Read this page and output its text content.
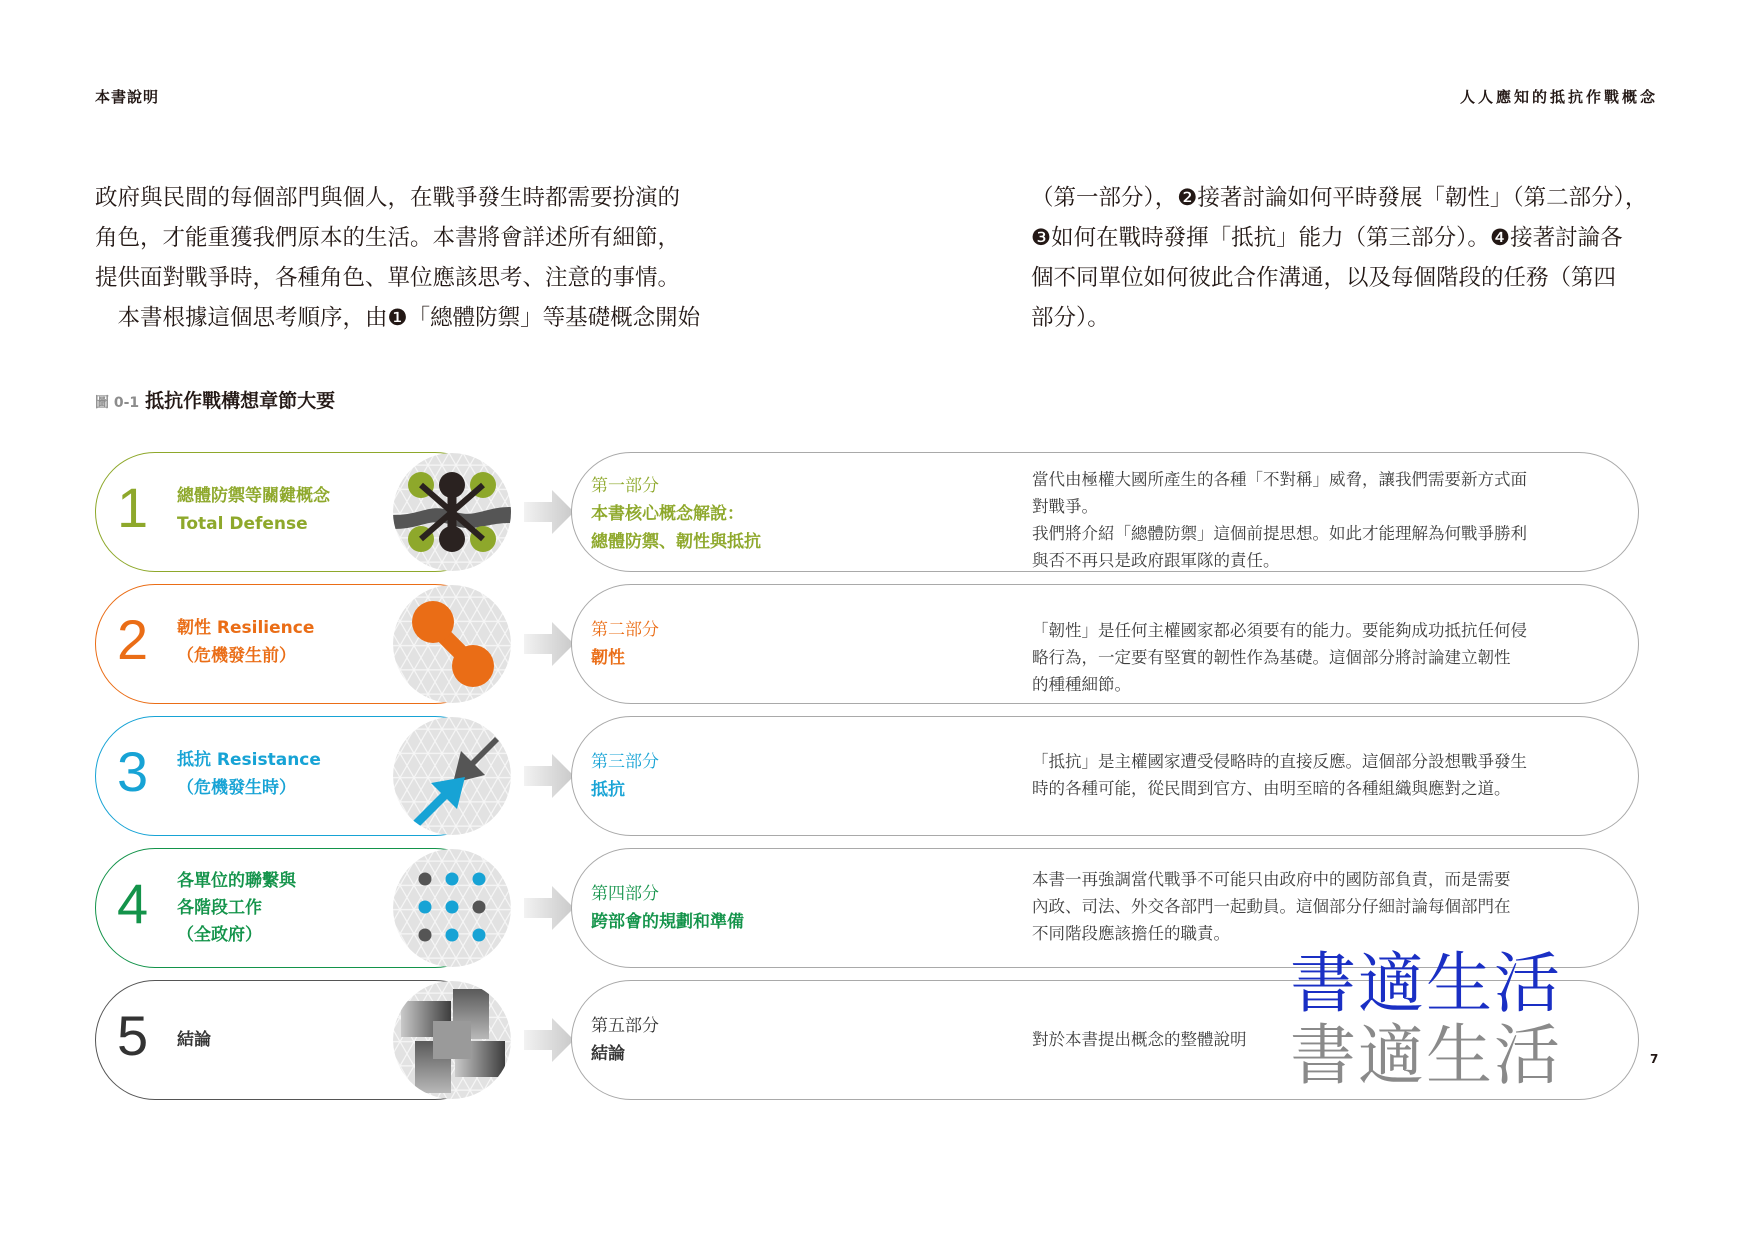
本書說明	人人應知的抵抗作戰概念

政府與民間的每個部門與個人，在戰爭發生時都需要扮演的

角色，才能重獲我們原本的生活。本書將會詳述所有細節，

提供面對戰爭時，各種角色、單位應該思考、注意的事情。

　本書根據這個思考順序，由❶「總體防禦」等基礎概念開始

（第一部分），❷接著討論如何平時發展「韌性」（第二部分），

❸如何在戰時發揮「抵抗」能力（第三部分）。❹接著討論各

個不同單位如何彼此合作溝通，以及每個階段的任務（第四

部分）。

圖 0-1 抵抗作戰構想章節大要
1 總體防禦等關鍵概念
Total Defense
第一部分
本書核心概念解說：
總體防禦、韌性與抵抗

當代由極權大國所產生的各種「不對稱」威脅，讓我們需要新方式面

對戰爭。

我們將介紹「總體防禦」這個前提思想。如此才能理解為何戰爭勝利

與否不再只是政府跟軍隊的責任。

2 韌性 Resilience
（危機發生前）
第二部分
韌性

「韌性」是任何主權國家都必須要有的能力。要能夠成功抵抗任何侵

略行為，一定要有堅實的韌性作為基礎。這個部分將討論建立韌性

的種種細節。

3 抵抗 Resistance
（危機發生時）
第三部分
抵抗

「抵抗」是主權國家遭受侵略時的直接反應。這個部分設想戰爭發生

時的各種可能，從民間到官方、由明至暗的各種組織與應對之道。

4 各單位的聯繫與
各階段工作
（全政府）
第四部分
跨部會的規劃和準備

本書一再強調當代戰爭不可能只由政府中的國防部負責，而是需要

內政、司法、外交各部門一起動員。這個部分仔細討論每個部門在

不同階段應該擔任的職責。

5 結論
第五部分
結論

對於本書提出概念的整體說明

書適生活
書適生活	7
